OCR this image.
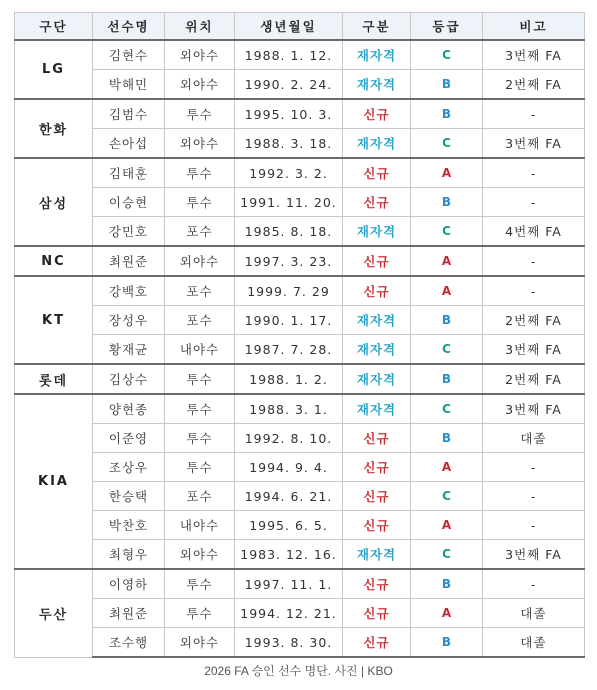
구단	선수명	위치	생년월일	구분	등급	비고
LG	김현수	외야수	1988. 1. 12.	재자격	C	3번째 FA
	박해민	외야수	1990. 2. 24.	재자격	B	2번째 FA
한화	김범수	투수	1995. 10. 3.	신규	B	-
	손아섭	외야수	1988. 3. 18.	재자격	C	3번째 FA
삼성	김태훈	투수	1992. 3. 2.	신규	A	-
	이승현	투수	1991. 11. 20.	신규	B	-
	강민호	포수	1985. 8. 18.	재자격	C	4번째 FA
NC	최원준	외야수	1997. 3. 23.	신규	A	-
KT	강백호	포수	1999. 7. 29	신규	A	-
	장성우	포수	1990. 1. 17.	재자격	B	2번째 FA
	황재균	내야수	1987. 7. 28.	재자격	C	3번째 FA
롯데	김상수	투수	1988. 1. 2.	재자격	B	2번째 FA
KIA	양현종	투수	1988. 3. 1.	재자격	C	3번째 FA
	이준영	투수	1992. 8. 10.	신규	B	대졸
	조상우	투수	1994. 9. 4.	신규	A	-
	한승택	포수	1994. 6. 21.	신규	C	-
	박찬호	내야수	1995. 6. 5.	신규	A	-
	최형우	외야수	1983. 12. 16.	재자격	C	3번째 FA
두산	이영하	투수	1997. 11. 1.	신규	B	-
	최원준	투수	1994. 12. 21.	신규	A	대졸
	조수행	외야수	1993. 8. 30.	신규	B	대졸
2026 FA 승인 선수 명단. 사진 | KBO
